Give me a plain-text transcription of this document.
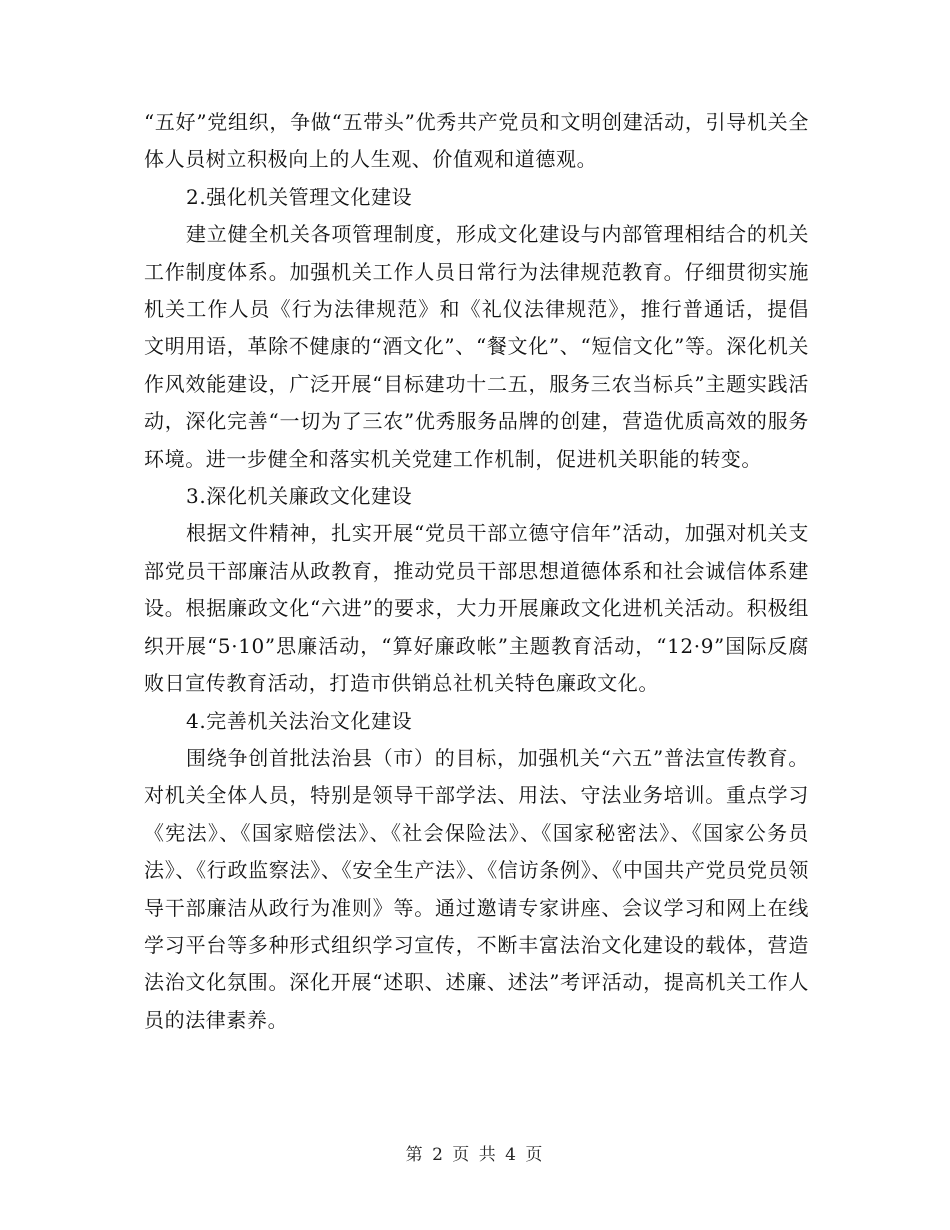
“五好”党组织，争做“五带头”优秀共产党员和文明创建活动，引导机关全体人员树立积极向上的人生观、价值观和道德观。

2.强化机关管理文化建设

建立健全机关各项管理制度，形成文化建设与内部管理相结合的机关工作制度体系。加强机关工作人员日常行为法律规范教育。仔细贯彻实施机关工作人员《行为法律规范》和《礼仪法律规范》，推行普通话，提倡文明用语，革除不健康的“酒文化”、“餐文化”、“短信文化”等。深化机关作风效能建设，广泛开展“目标建功十二五，服务三农当标兵”主题实践活动，深化完善“一切为了三农”优秀服务品牌的创建，营造优质高效的服务环境。进一步健全和落实机关党建工作机制，促进机关职能的转变。

3.深化机关廉政文化建设

根据文件精神，扎实开展“党员干部立德守信年”活动，加强对机关支部党员干部廉洁从政教育，推动党员干部思想道德体系和社会诚信体系建设。根据廉政文化“六进”的要求，大力开展廉政文化进机关活动。积极组织开展“5·10”思廉活动，“算好廉政帐”主题教育活动，“12·9”国际反腐败日宣传教育活动，打造市供销总社机关特色廉政文化。

4.完善机关法治文化建设

围绕争创首批法治县（市）的目标，加强机关“六五”普法宣传教育。对机关全体人员，特别是领导干部学法、用法、守法业务培训。重点学习《宪法》、《国家赔偿法》、《社会保险法》、《国家秘密法》、《国家公务员法》、《行政监察法》、《安全生产法》、《信访条例》、《中国共产党员党员领导干部廉洁从政行为准则》等。通过邀请专家讲座、会议学习和网上在线学习平台等多种形式组织学习宣传，不断丰富法治文化建设的载体，营造法治文化氛围。深化开展“述职、述廉、述法”考评活动，提高机关工作人员的法律素养。

第 2 页 共 4 页
